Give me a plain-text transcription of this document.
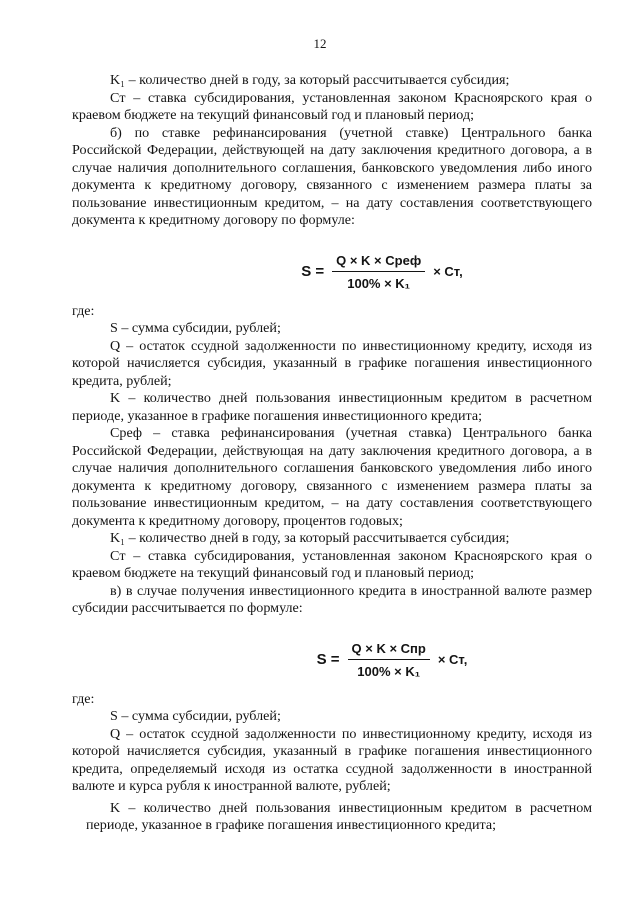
12

K₁ – количество дней в году, за который рассчитывается субсидия;

Cт – ставка субсидирования, установленная законом Красноярского края о краевом бюджете на текущий финансовый год и плановый период;

б) по ставке рефинансирования (учетной ставке) Центрального банка Российской Федерации, действующей на дату заключения кредитного договора, а в случае наличия дополнительного соглашения, банковского уведомления либо иного документа к кредитному договору, связанного с изменением размера платы за пользование инвестиционным кредитом, – на дату составления соответствующего документа к кредитному договору по формуле:

$S = \frac{\text{Q × K × Cреф}}{\text{100\% × K₁}}$ × Cт,

где:

S – сумма субсидии, рублей;

Q – остаток ссудной задолженности по инвестиционному кредиту, исходя из которой начисляется субсидия, указанный в графике погашения инвестиционного кредита, рублей;

K – количество дней пользования инвестиционным кредитом в расчетном периоде, указанное в графике погашения инвестиционного кредита;

Cреф – ставка рефинансирования (учетная ставка) Центрального банка Российской Федерации, действующая на дату заключения кредитного договора, а в случае наличия дополнительного соглашения банковского уведомления либо иного документа к кредитному договору, связанного с изменением размера платы за пользование инвестиционным кредитом, – на дату составления соответствующего документа к кредитному договору, процентов годовых;

K₁ – количество дней в году, за который рассчитывается субсидия;

Cт – ставка субсидирования, установленная законом Красноярского края о краевом бюджете на текущий финансовый год и плановый период;

в) в случае получения инвестиционного кредита в иностранной валюте размер субсидии рассчитывается по формуле:

$S = \frac{\text{Q × K × Cпр}}{\text{100\% × K₁}}$ × Cт,

где:

S – сумма субсидии, рублей;

Q – остаток ссудной задолженности по инвестиционному кредиту, исходя из которой начисляется субсидия, указанный в графике погашения инвестиционного кредита, определяемый исходя из остатка ссудной задолженности в иностранной валюте и курса рубля к иностранной валюте, рублей;

K – количество дней пользования инвестиционным кредитом в расчетном периоде, указанное в графике погашения инвестиционного кредита;
